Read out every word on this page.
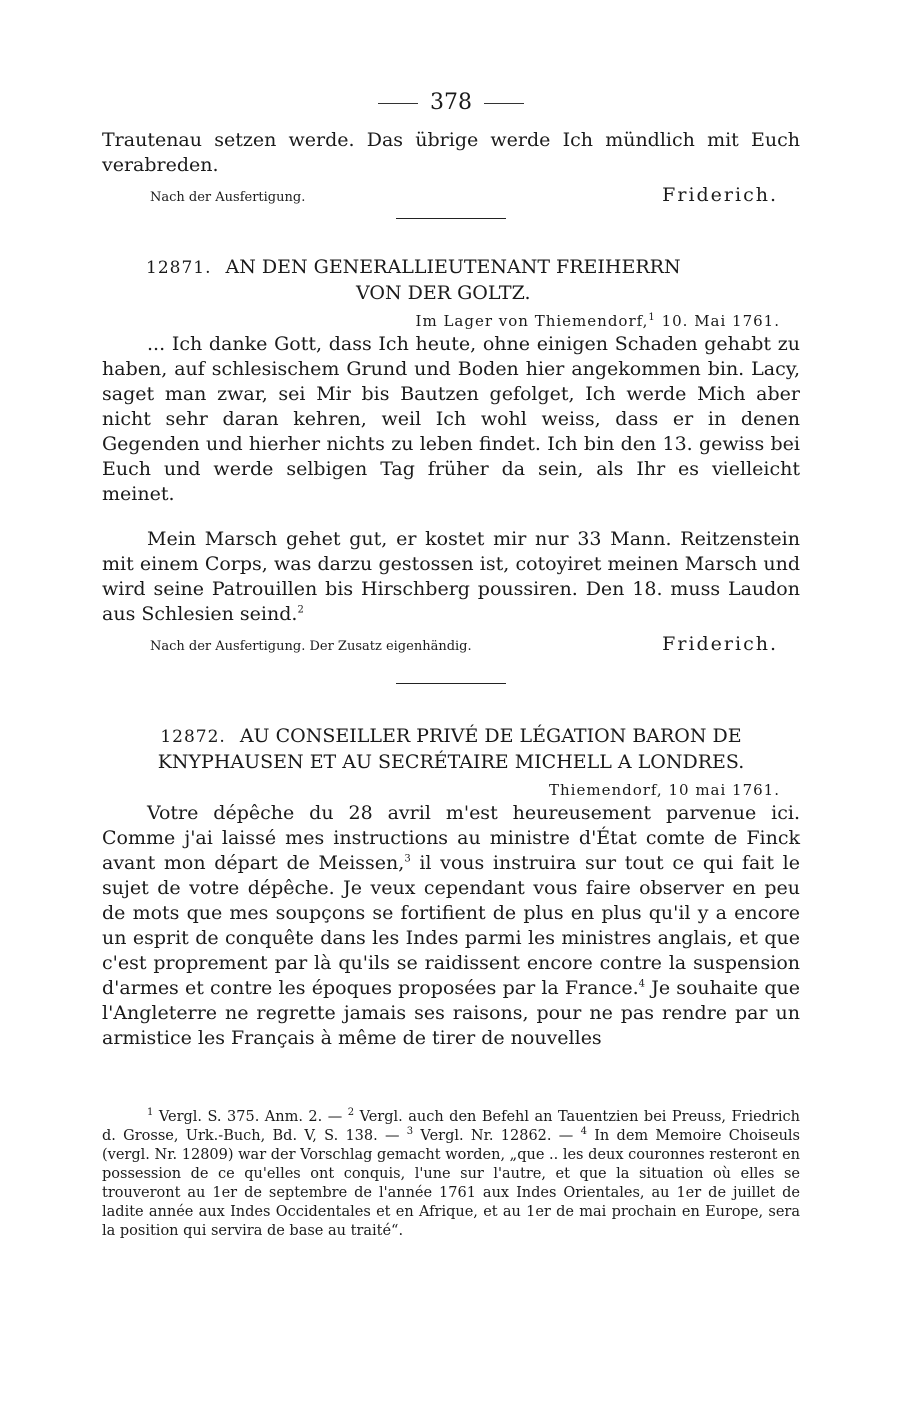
378

Trautenau setzen werde. Das übrige werde Ich mündlich mit Euch verabreden.

Nach der Ausfertigung.	Friderich.
12871. AN DEN GENERALLIEUTENANT FREIHERRN
VON DER GOLTZ.
Im Lager von Thiemendorf,$^1$ 10. Mai 1761.

... Ich danke Gott, dass Ich heute, ohne einigen Schaden gehabt zu haben, auf schlesischem Grund und Boden hier angekommen bin. Lacy, saget man zwar, sei Mir bis Bautzen gefolget, Ich werde Mich aber nicht sehr daran kehren, weil Ich wohl weiss, dass er in denen Gegenden und hierher nichts zu leben findet. Ich bin den 13. gewiss bei Euch und werde selbigen Tag früher da sein, als Ihr es vielleicht meinet.

Mein Marsch gehet gut, er kostet mir nur 33 Mann. Reitzenstein mit einem Corps, was darzu gestossen ist, cotoyiret meinen Marsch und wird seine Patrouillen bis Hirschberg poussiren. Den 18. muss Laudon aus Schlesien seind.$^2$

Nach der Ausfertigung. Der Zusatz eigenhändig.	Friderich.
12872. AU CONSEILLER PRIVÉ DE LÉGATION BARON DE
KNYPHAUSEN ET AU SECRÉTAIRE MICHELL A LONDRES.
Thiemendorf, 10 mai 1761.

Votre dépêche du 28 avril m'est heureusement parvenue ici. Comme j'ai laissé mes instructions au ministre d'État comte de Finck avant mon départ de Meissen,$^3$ il vous instruira sur tout ce qui fait le sujet de votre dépêche. Je veux cependant vous faire observer en peu de mots que mes soupçons se fortifient de plus en plus qu'il y a encore un esprit de conquête dans les Indes parmi les ministres anglais, et que c'est proprement par là qu'ils se raidissent encore contre la suspension d'armes et contre les époques proposées par la France.$^4$ Je souhaite que l'Angleterre ne regrette jamais ses raisons, pour ne pas rendre par un armistice les Français à même de tirer de nouvelles

$^1$ Vergl. S. 375. Anm. 2. — $^2$ Vergl. auch den Befehl an Tauentzien bei Preuss, Friedrich d. Grosse, Urk.-Buch, Bd. V, S. 138. — $^3$ Vergl. Nr. 12862. — $^4$ In dem Memoire Choiseuls (vergl. Nr. 12809) war der Vorschlag gemacht worden, „que .. les deux couronnes resteront en possession de ce qu'elles ont conquis, l'une sur l'autre, et que la situation où elles se trouveront au 1er de septembre de l'année 1761 aux Indes Orientales, au 1er de juillet de ladite année aux Indes Occidentales et en Afrique, et au 1er de mai prochain en Europe, sera la position qui servira de base au traité“.
